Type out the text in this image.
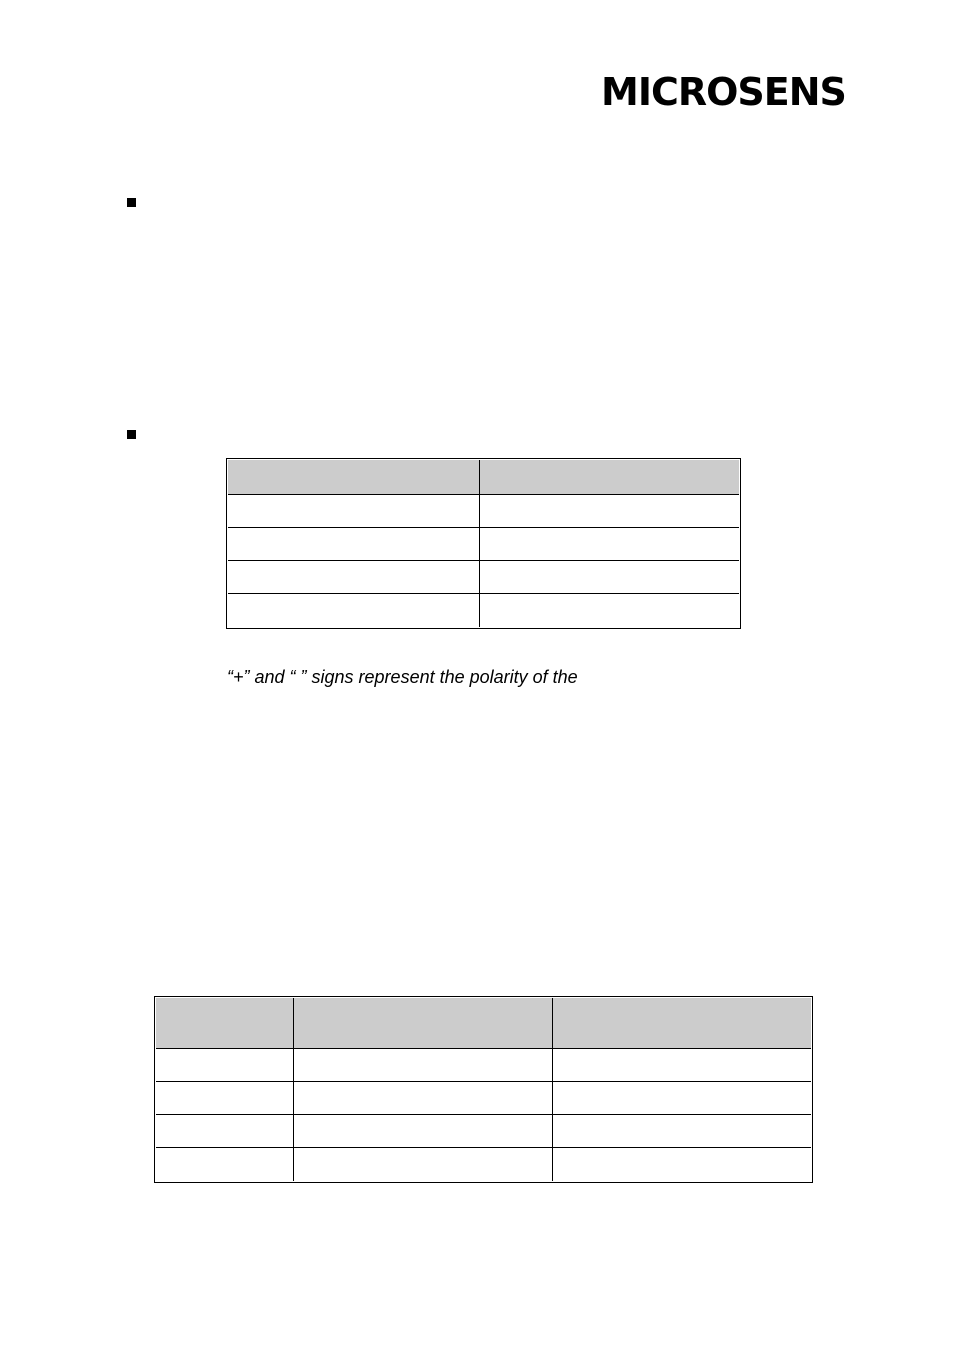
MICROSENS

“+” and “ ” signs represent the polarity of the
